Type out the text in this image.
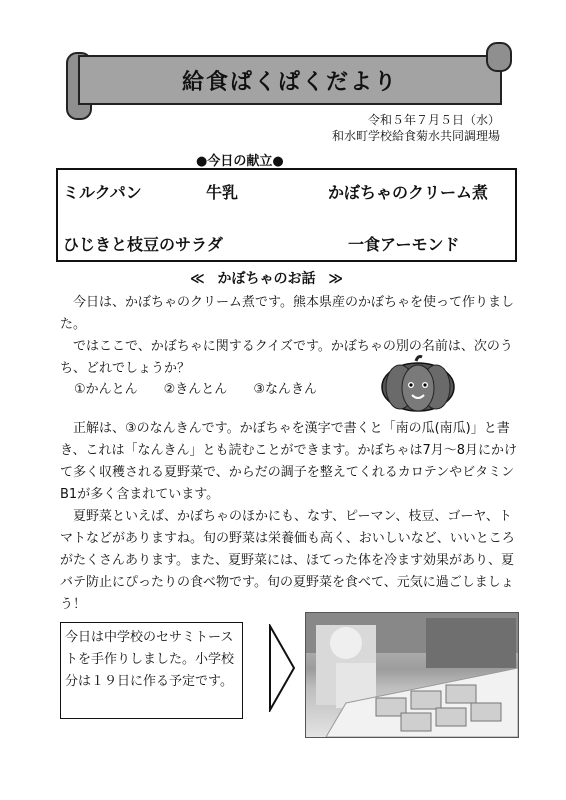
給食ぱくぱくだより
令和５年７月５日（水）
和水町学校給食菊水共同調理場
●今日の献立●
ミルクパン	牛乳	かぼちゃのクリーム煮
ひじきと枝豆のサラダ	一食アーモンド
≪ かぼちゃのお話 ≫

今日は、かぼちゃのクリーム煮です。熊本県産のかぼちゃを使って作りました。

ではここで、かぼちゃに関するクイズです。かぼちゃの別の名前は、次のうち、どれでしょうか？

①かんとん ②きんとん ③なんきん

正解は、③のなんきんです。かぼちゃを漢字で書くと「南の瓜(南瓜)」と書き、これは「なんきん」とも読むことができます。かぼちゃは7月～8月にかけて多く収穫される夏野菜で、からだの調子を整えてくれるカロテンやビタミンB1が多く含まれています。

夏野菜といえば、かぼちゃのほかにも、なす、ピーマン、枝豆、ゴーヤ、トマトなどがありますね。旬の野菜は栄養価も高く、おいしいなど、いいところがたくさんあります。また、夏野菜には、ほてった体を冷ます効果があり、夏バテ防止にぴったりの食べ物です。旬の夏野菜を食べて、元気に過ごしましょう！

今日は中学校のセサミトーストを手作りしました。小学校分は１９日に作る予定です。
